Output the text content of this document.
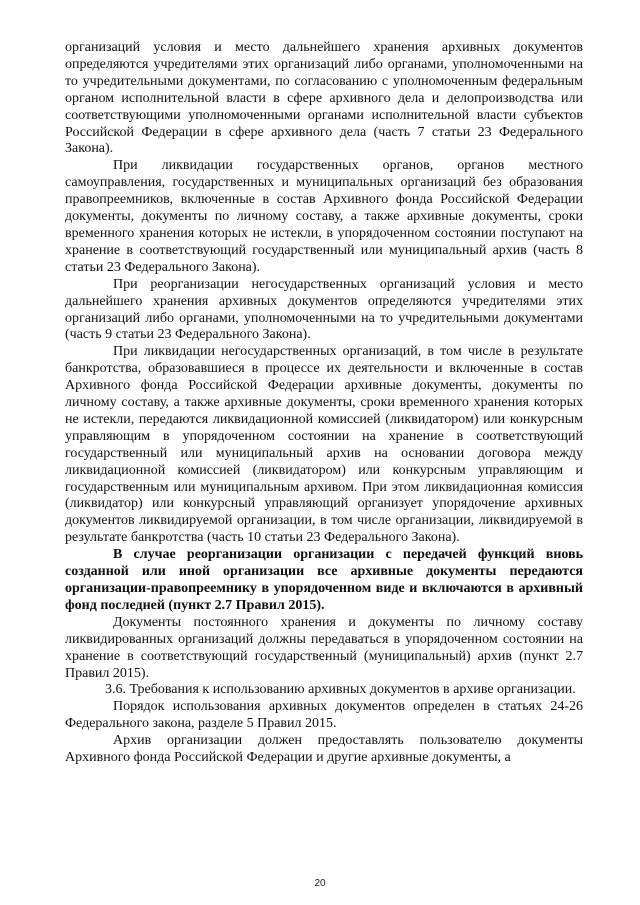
организаций условия и место дальнейшего хранения архивных документов определяются учредителями этих организаций либо органами, уполномоченными на то учредительными документами, по согласованию с уполномоченным федеральным органом исполнительной власти в сфере архивного дела и делопроизводства или соответствующими уполномоченными органами исполнительной власти субъектов Российской Федерации в сфере архивного дела (часть 7 статьи 23 Федерального Закона).

При ликвидации государственных органов, органов местного самоуправления, государственных и муниципальных организаций без образования правопреемников, включенные в состав Архивного фонда Российской Федерации документы, документы по личному составу, а также архивные документы, сроки временного хранения которых не истекли, в упорядоченном состоянии поступают на хранение в соответствующий государственный или муниципальный архив (часть 8 статьи 23 Федерального Закона).

При реорганизации негосударственных организаций условия и место дальнейшего хранения архивных документов определяются учредителями этих организаций либо органами, уполномоченными на то учредительными документами (часть 9 статьи 23 Федерального Закона).

При ликвидации негосударственных организаций, в том числе в результате банкротства, образовавшиеся в процессе их деятельности и включенные в состав Архивного фонда Российской Федерации архивные документы, документы по личному составу, а также архивные документы, сроки временного хранения которых не истекли, передаются ликвидационной комиссией (ликвидатором) или конкурсным управляющим в упорядоченном состоянии на хранение в соответствующий государственный или муниципальный архив на основании договора между ликвидационной комиссией (ликвидатором) или конкурсным управляющим и государственным или муниципальным архивом. При этом ликвидационная комиссия (ликвидатор) или конкурсный управляющий организует упорядочение архивных документов ликвидируемой организации, в том числе организации, ликвидируемой в результате банкротства (часть 10 статьи 23 Федерального Закона).

В случае реорганизации организации с передачей функций вновь созданной или иной организации все архивные документы передаются организации-правопреемнику в упорядоченном виде и включаются в архивный фонд последней (пункт 2.7 Правил 2015).

Документы постоянного хранения и документы по личному составу ликвидированных организаций должны передаваться в упорядоченном состоянии на хранение в соответствующий государственный (муниципальный) архив (пункт 2.7 Правил 2015).

3.6. Требования к использованию архивных документов в архиве организации.

Порядок использования архивных документов определен в статьях 24-26 Федерального закона, разделе 5 Правил 2015.

Архив организации должен предоставлять пользователю документы Архивного фонда Российской Федерации и другие архивные документы, а

20
